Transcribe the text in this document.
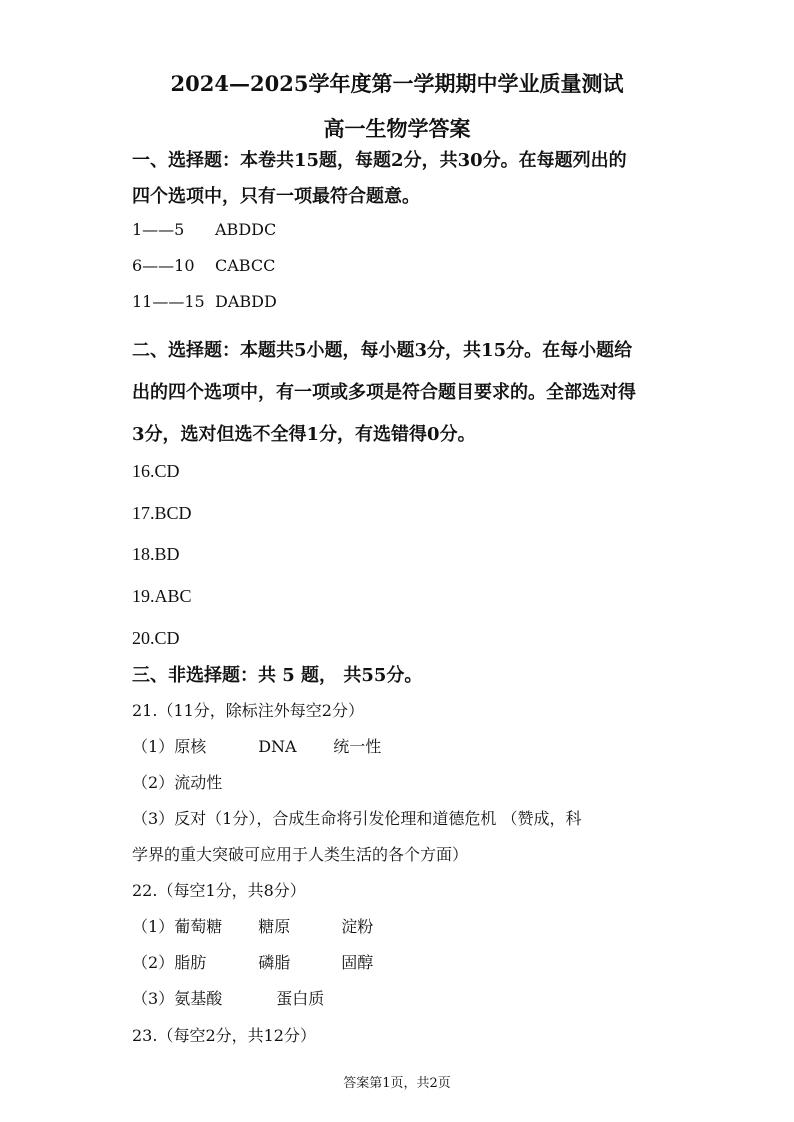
2024—2025学年度第一学期期中学业质量测试
高一生物学答案
一、选择题：本卷共15题，每题2分，共30分。在每题列出的
四个选项中，只有一项最符合题意。
1——5 ABDDC
6——10 CABCC
11——15 DABDD
二、选择题：本题共5小题，每小题3分，共15分。在每小题给
出的四个选项中，有一项或多项是符合题目要求的。全部选对得
3分，选对但选不全得1分，有选错得0分。
16.CD
17.BCD
18.BD
19.ABC
20.CD
三、非选择题：共 5 题， 共55分。
21.（11分，除标注外每空2分）
（1）原核	DNA 统一性
（2）流动性
（3）反对（1分），合成生命将引发伦理和道德危机 （赞成，科
学界的重大突破可应用于人类生活的各个方面）
22.（每空1分，共8分）
（1）葡萄糖 糖原	淀粉
（2）脂肪	磷脂	固醇
（3）氨基酸	蛋白质
23.（每空2分，共12分）
答案第1页，共2页
